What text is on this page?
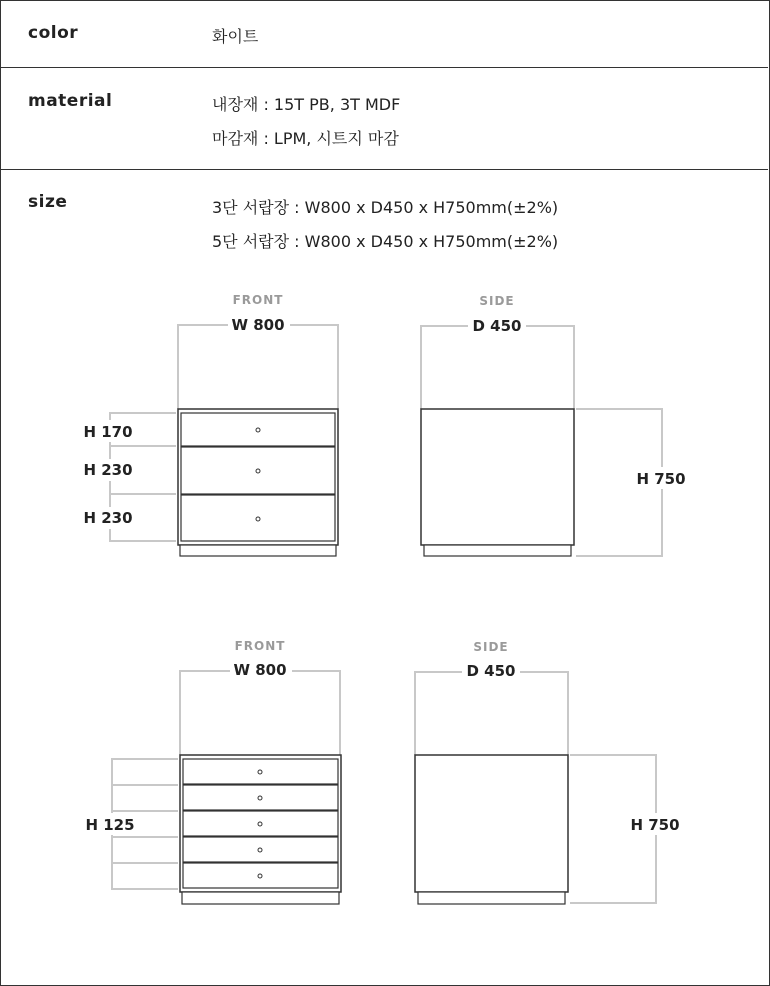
color	화이트
material	내장재 : 15T PB, 3T MDF
마감재 : LPM, 시트지 마감
size	3단 서랍장 : W800 x D450 x H750mm(±2%)
5단 서랍장 : W800 x D450 x H750mm(±2%)
FRONT
W 800
H 170
H 230
H 230
SIDE
D 450
H 750
FRONT
W 800
H 125
SIDE
D 450
H 750
